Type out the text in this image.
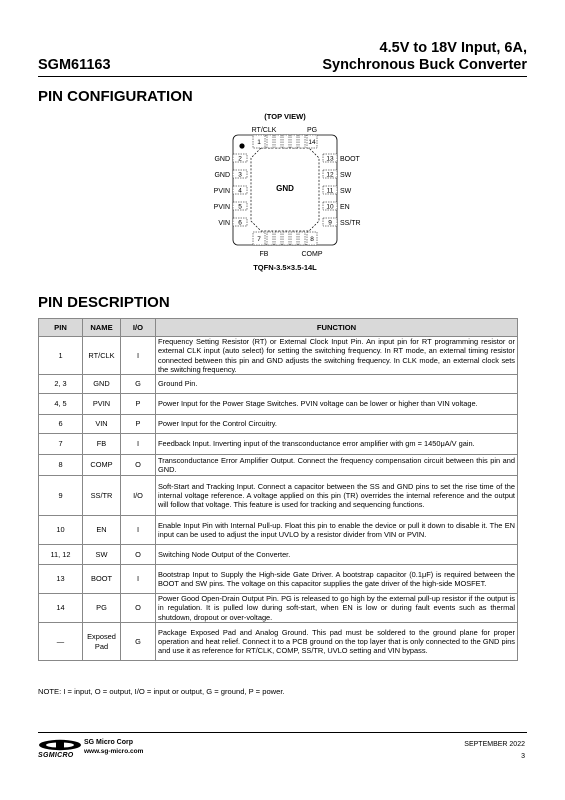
4.5V to 18V Input, 6A,
Synchronous Buck Converter
SGM61163
PIN CONFIGURATION
(TOP VIEW)
RT/CLK	PG
GND
1	14
7	8
2
3
4
5
6
13
12
11
10
9
GND
GND
PVIN
PVIN
VIN
BOOT
SW
SW
EN
SS/TR
FB	COMP
TQFN-3.5×3.5-14L
PIN DESCRIPTION
PIN	NAME	I/O	FUNCTION
1	RT/CLK	I	Frequency Setting Resistor (RT) or External Clock Input Pin. An input pin for RT programming resistor or external CLK input (auto select) for setting the switching frequency. In RT mode, an external timing resistor connected between this pin and GND adjusts the switching frequency. In CLK mode, an external clock sets the switching frequency.
2, 3	GND	G	Ground Pin.
4, 5	PVIN	P	Power Input for the Power Stage Switches. PVIN voltage can be lower or higher than VIN voltage.
6	VIN	P	Power Input for the Control Circuitry.
7	FB	I	Feedback Input. Inverting input of the transconductance error amplifier with gm = 1450μA/V gain.
8	COMP	O	Transconductance Error Amplifier Output. Connect the frequency compensation circuit between this pin and GND.
9	SS/TR	I/O	Soft-Start and Tracking Input. Connect a capacitor between the SS and GND pins to set the rise time of the internal voltage reference. A voltage applied on this pin (TR) overrides the internal reference and the output will follow that voltage. This feature is used for tracking and sequencing functions.
10	EN	I	Enable Input Pin with Internal Pull-up. Float this pin to enable the device or pull it down to disable it. The EN input can be used to adjust the input UVLO by a resistor divider from VIN or PVIN.
11, 12	SW	O	Switching Node Output of the Converter.
13	BOOT	I	Bootstrap Input to Supply the High-side Gate Driver. A bootstrap capacitor (0.1μF) is required between the BOOT and SW pins. The voltage on this capacitor supplies the gate driver of the high-side MOSFET.
14	PG	O	Power Good Open-Drain Output Pin. PG is released to go high by the external pull-up resistor if the output is in regulation. It is pulled low during soft-start, when EN is low or during fault events such as thermal shutdown, dropout or over-voltage.
—	Exposed Pad	G	Package Exposed Pad and Analog Ground. This pad must be soldered to the ground plane for proper operation and heat relief. Connect it to a PCB ground on the top layer that is only connected to the GND pins and use it as reference for RT/CLK, COMP, SS/TR, UVLO setting and VIN bypass.
NOTE: I = input, O = output, I/O = input or output, G = ground, P = power.
SG Micro Corp
www.sg-micro.com
SGMICRO
SEPTEMBER 2022
3
